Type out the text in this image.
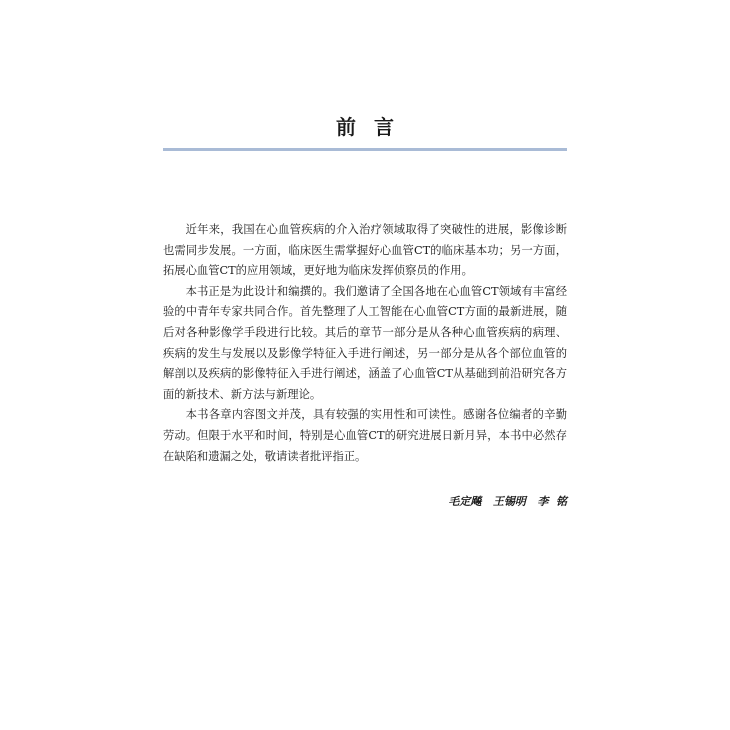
前言

近年来，我国在心血管疾病的介入治疗领域取得了突破性的进展，影像诊断也需同步发展。一方面，临床医生需掌握好心血管CT的临床基本功；另一方面，拓展心血管CT的应用领域，更好地为临床发挥侦察员的作用。

本书正是为此设计和编撰的。我们邀请了全国各地在心血管CT领域有丰富经验的中青年专家共同合作。首先整理了人工智能在心血管CT方面的最新进展，随后对各种影像学手段进行比较。其后的章节一部分是从各种心血管疾病的病理、疾病的发生与发展以及影像学特征入手进行阐述，另一部分是从各个部位血管的解剖以及疾病的影像特征入手进行阐述，涵盖了心血管CT从基础到前沿研究各方面的新技术、新方法与新理论。

本书各章内容图文并茂，具有较强的实用性和可读性。感谢各位编者的辛勤劳动。但限于水平和时间，特别是心血管CT的研究进展日新月异，本书中必然存在缺陷和遗漏之处，敬请读者批评指正。

毛定飚   王锡明   李  铭
